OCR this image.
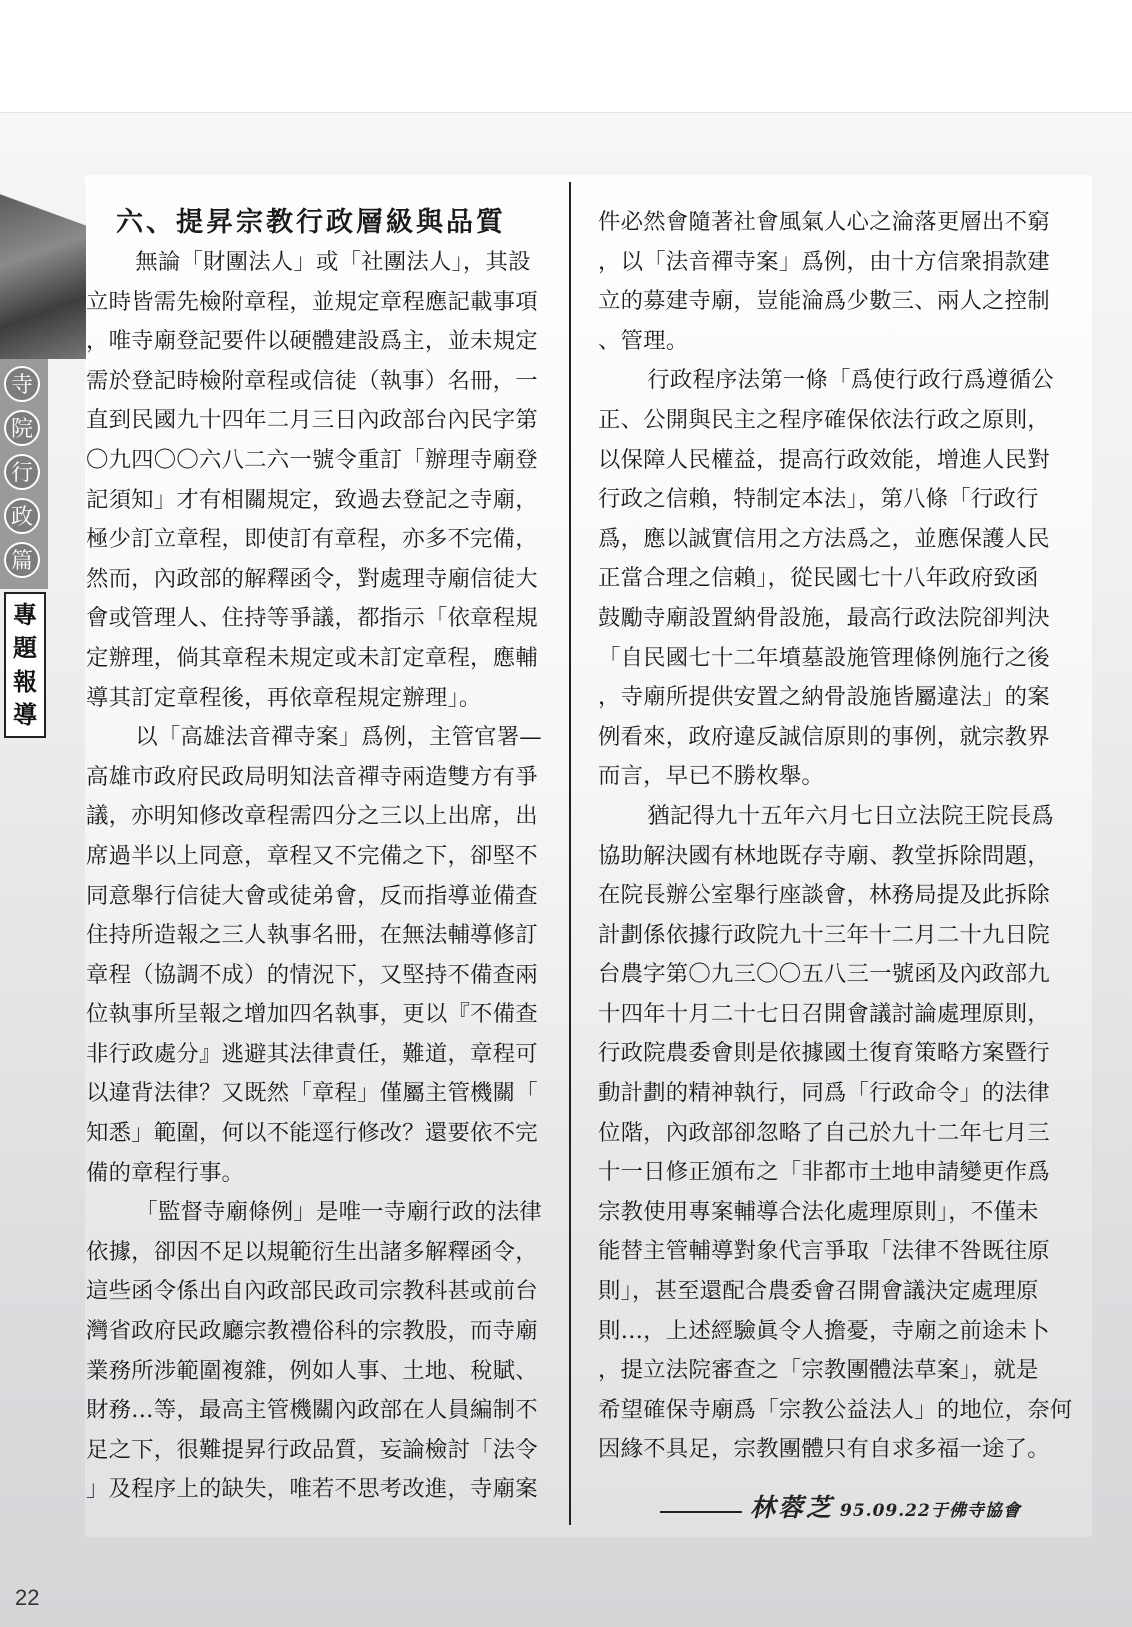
寺
院
行
政
篇
專
題
報
導
六、提昇宗教行政層級與品質

無論「財團法人」或「社團法人」，其設
立時皆需先檢附章程，並規定章程應記載事項
，唯寺廟登記要件以硬體建設爲主，並未規定
需於登記時檢附章程或信徒（執事）名冊，一
直到民國九十四年二月三日內政部台內民字第
〇九四〇〇六八二六一號令重訂「辦理寺廟登
記須知」才有相關規定，致過去登記之寺廟，
極少訂立章程，即使訂有章程，亦多不完備，
然而，內政部的解釋函令，對處理寺廟信徒大
會或管理人、住持等爭議，都指示「依章程規
定辦理，倘其章程未規定或未訂定章程，應輔
導其訂定章程後，再依章程規定辦理」。

以「高雄法音禪寺案」爲例，主管官署—
高雄市政府民政局明知法音禪寺兩造雙方有爭
議，亦明知修改章程需四分之三以上出席，出
席過半以上同意，章程又不完備之下，卻堅不
同意舉行信徒大會或徒弟會，反而指導並備查
住持所造報之三人執事名冊，在無法輔導修訂
章程（協調不成）的情況下，又堅持不備查兩
位執事所呈報之增加四名執事，更以『不備查
非行政處分』逃避其法律責任，難道，章程可
以違背法律？又既然「章程」僅屬主管機關「
知悉」範圍，何以不能逕行修改？還要依不完
備的章程行事。

「監督寺廟條例」是唯一寺廟行政的法律
依據，卻因不足以規範衍生出諸多解釋函令，
這些函令係出自內政部民政司宗教科甚或前台
灣省政府民政廳宗教禮俗科的宗教股，而寺廟
業務所涉範圍複雜，例如人事、土地、稅賦、
財務…等，最高主管機關內政部在人員編制不
足之下，很難提昇行政品質，妄論檢討「法令
」及程序上的缺失，唯若不思考改進，寺廟案

件必然會隨著社會風氣人心之淪落更層出不窮
，以「法音禪寺案」爲例，由十方信衆捐款建
立的募建寺廟，豈能淪爲少數三、兩人之控制
、管理。

行政程序法第一條「爲使行政行爲遵循公
正、公開與民主之程序確保依法行政之原則，
以保障人民權益，提高行政效能，增進人民對
行政之信賴，特制定本法」，第八條「行政行
爲，應以誠實信用之方法爲之，並應保護人民
正當合理之信賴」，從民國七十八年政府致函
鼓勵寺廟設置納骨設施，最高行政法院卻判決
「自民國七十二年墳墓設施管理條例施行之後
，寺廟所提供安置之納骨設施皆屬違法」的案
例看來，政府違反誠信原則的事例，就宗教界
而言，早已不勝枚舉。

猶記得九十五年六月七日立法院王院長爲
協助解決國有林地既存寺廟、教堂拆除問題，
在院長辦公室舉行座談會，林務局提及此拆除
計劃係依據行政院九十三年十二月二十九日院
台農字第〇九三〇〇五八三一號函及內政部九
十四年十月二十七日召開會議討論處理原則，
行政院農委會則是依據國土復育策略方案暨行
動計劃的精神執行，同爲「行政命令」的法律
位階，內政部卻忽略了自己於九十二年七月三
十一日修正頒布之「非都市土地申請變更作爲
宗教使用專案輔導合法化處理原則」，不僅未
能替主管輔導對象代言爭取「法律不咎既往原
則」，甚至還配合農委會召開會議決定處理原
則…，上述經驗眞令人擔憂，寺廟之前途未卜
，提立法院審查之「宗教團體法草案」，就是
希望確保寺廟爲「宗教公益法人」的地位，奈何
因緣不具足，宗教團體只有自求多福一途了。

林蓉芝 95.09.22于佛寺協會
22
